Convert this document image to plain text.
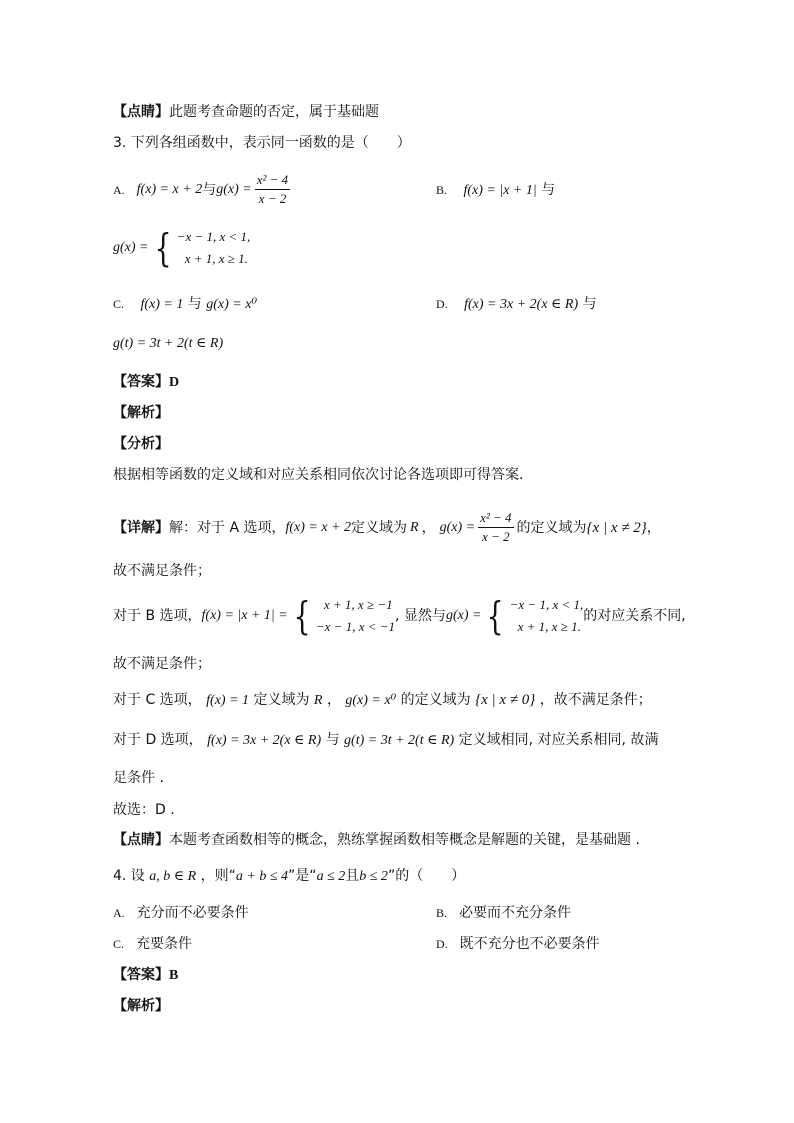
【点睛】此题考查命题的否定，属于基础题
3. 下列各组函数中，表示同一函数的是（　　）
A. f(x) = x + 2 与 $g(x) = \frac{\text{x² − 4}}{x - 2}$	B. f(x) = |x + 1| 与
g(x) = { −x − 1, x < 1,
x + 1, x ≥ 1.
C. f(x) = 1 与 g(x) = x⁰	D. f(x) = 3x + 2(x ∈ R) 与
g(t) = 3t + 2(t ∈ R)
【答案】D
【解析】
【分析】
根据相等函数的定义域和对应关系相同依次讨论各选项即可得答案.
【详解】 解：对于 A 选项， f(x) = x + 2 定义域为 R ， $g(x) = \frac{\text{x² − 4}}{x - 2}$ 的定义域为 {x | x ≠ 2} ，
故不满足条件；
对于 B 选项， f(x) = |x + 1| = {	x + 1, x ≥ −1
−x − 1, x < −1
, 显然与 g(x) = { −x − 1, x < 1,
x + 1, x ≥ 1.
的对应关系不同,
故不满足条件；
对于 C 选项， f(x) = 1 定义域为 R ， g(x) = x⁰ 的定义域为 {x | x ≠ 0} ，故不满足条件；
对于 D 选项， f(x) = 3x + 2(x ∈ R) 与 g(t) = 3t + 2(t ∈ R) 定义域相同, 对应关系相同, 故满
足条件 .
故选：D .
【点睛】本题考查函数相等的概念，熟练掌握函数相等概念是解题的关键，是基础题 .
4. 设 a, b ∈ R ，则“a + b ≤ 4”是“a ≤ 2且b ≤ 2”的（　　）
A. 充分而不必要条件	B. 必要而不充分条件
C. 充要条件	D. 既不充分也不必要条件
【答案】B
【解析】
